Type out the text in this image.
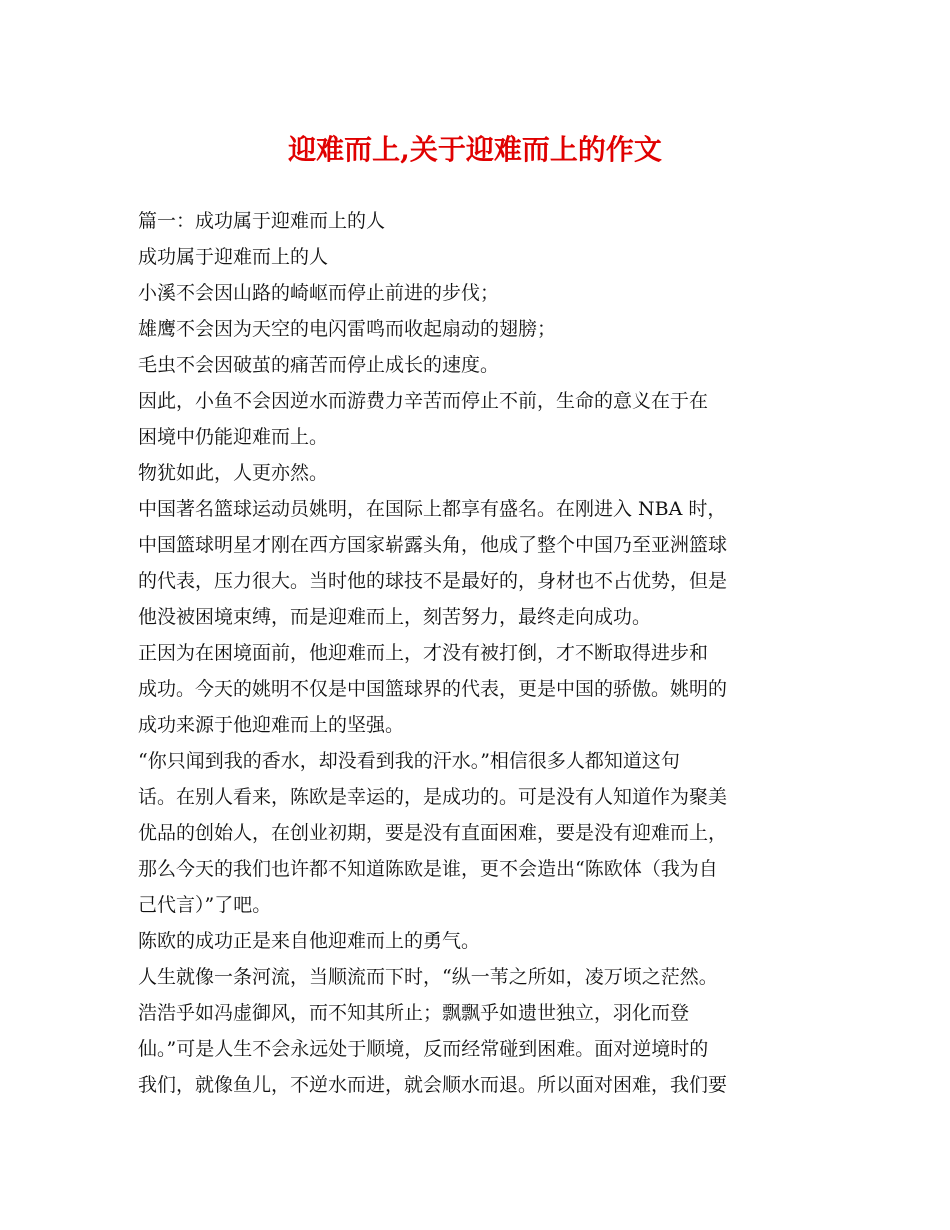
迎难而上,关于迎难而上的作文
篇一：成功属于迎难而上的人
成功属于迎难而上的人
小溪不会因山路的崎岖而停止前进的步伐；
雄鹰不会因为天空的电闪雷鸣而收起扇动的翅膀；
毛虫不会因破茧的痛苦而停止成长的速度。
因此，小鱼不会因逆水而游费力辛苦而停止不前，生命的意义在于在
困境中仍能迎难而上。
物犹如此，人更亦然。
中国著名篮球运动员姚明，在国际上都享有盛名。在刚进入 NBA 时，
中国篮球明星才刚在西方国家崭露头角，他成了整个中国乃至亚洲篮球
的代表，压力很大。当时他的球技不是最好的，身材也不占优势，但是
他没被困境束缚，而是迎难而上，刻苦努力，最终走向成功。
正因为在困境面前，他迎难而上，才没有被打倒，才不断取得进步和
成功。今天的姚明不仅是中国篮球界的代表，更是中国的骄傲。姚明的
成功来源于他迎难而上的坚强。
“你只闻到我的香水，却没看到我的汗水。”相信很多人都知道这句
话。在别人看来，陈欧是幸运的，是成功的。可是没有人知道作为聚美
优品的创始人，在创业初期，要是没有直面困难，要是没有迎难而上，
那么今天的我们也许都不知道陈欧是谁，更不会造出“陈欧体（我为自
己代言）”了吧。
陈欧的成功正是来自他迎难而上的勇气。
人生就像一条河流，当顺流而下时，“纵一苇之所如，凌万顷之茫然。
浩浩乎如冯虚御风，而不知其所止；飘飘乎如遗世独立，羽化而登
仙。”可是人生不会永远处于顺境，反而经常碰到困难。面对逆境时的
我们，就像鱼儿，不逆水而进，就会顺水而退。所以面对困难，我们要
